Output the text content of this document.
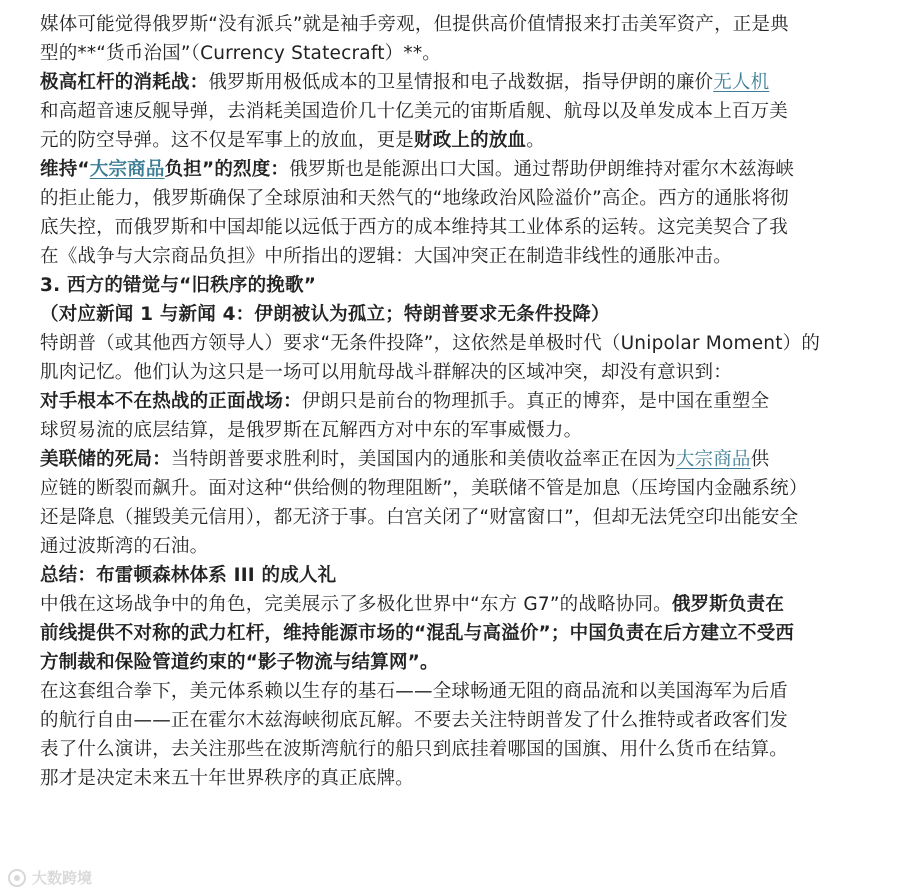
媒体可能觉得俄罗斯“没有派兵”就是袖手旁观，但提供高价值情报来打击美军资产，正是典
型的**“货币治国”（Currency Statecraft）**。
极高杠杆的消耗战：俄罗斯用极低成本的卫星情报和电子战数据，指导伊朗的廉价无人机
和高超音速反舰导弹，去消耗美国造价几十亿美元的宙斯盾舰、航母以及单发成本上百万美
元的防空导弹。这不仅是军事上的放血，更是财政上的放血。
维持“大宗商品负担”的烈度：俄罗斯也是能源出口大国。通过帮助伊朗维持对霍尔木兹海峡
的拒止能力，俄罗斯确保了全球原油和天然气的“地缘政治风险溢价”高企。西方的通胀将彻
底失控，而俄罗斯和中国却能以远低于西方的成本维持其工业体系的运转。这完美契合了我
在《战争与大宗商品负担》中所指出的逻辑：大国冲突正在制造非线性的通胀冲击。
3. 西方的错觉与“旧秩序的挽歌”
（对应新闻 1 与新闻 4：伊朗被认为孤立；特朗普要求无条件投降）
特朗普（或其他西方领导人）要求“无条件投降”，这依然是单极时代（Unipolar Moment）的
肌肉记忆。他们认为这只是一场可以用航母战斗群解决的区域冲突，却没有意识到：
对手根本不在热战的正面战场：伊朗只是前台的物理抓手。真正的博弈，是中国在重塑全
球贸易流的底层结算，是俄罗斯在瓦解西方对中东的军事威慑力。
美联储的死局：当特朗普要求胜利时，美国国内的通胀和美债收益率正在因为大宗商品供
应链的断裂而飙升。面对这种“供给侧的物理阻断”，美联储不管是加息（压垮国内金融系统）
还是降息（摧毁美元信用），都无济于事。白宫关闭了“财富窗口”，但却无法凭空印出能安全
通过波斯湾的石油。
总结：布雷顿森林体系 III 的成人礼
中俄在这场战争中的角色，完美展示了多极化世界中“东方 G7”的战略协同。俄罗斯负责在
前线提供不对称的武力杠杆，维持能源市场的“混乱与高溢价”；中国负责在后方建立不受西
方制裁和保险管道约束的“影子物流与结算网”。
在这套组合拳下，美元体系赖以生存的基石——全球畅通无阻的商品流和以美国海军为后盾
的航行自由——正在霍尔木兹海峡彻底瓦解。不要去关注特朗普发了什么推特或者政客们发
表了什么演讲，去关注那些在波斯湾航行的船只到底挂着哪国的国旗、用什么货币在结算。
那才是决定未来五十年世界秩序的真正底牌。
大数跨境
